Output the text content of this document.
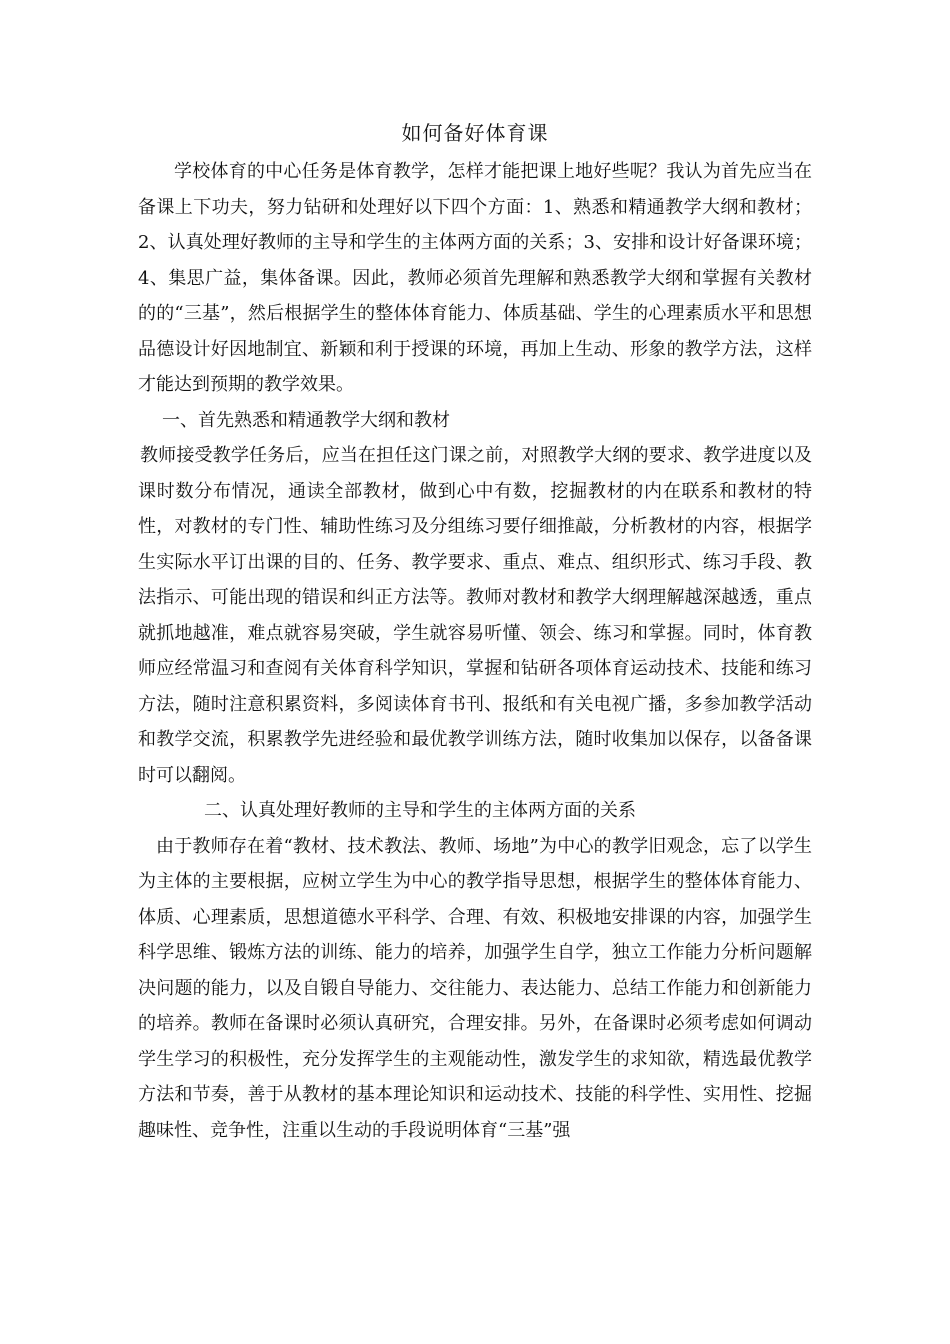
如何备好体育课

学校体育的中心任务是体育教学，怎样才能把课上地好些呢？我认为首先应当在备课上下功夫，努力钻研和处理好以下四个方面：1、熟悉和精通教学大纲和教材；2、认真处理好教师的主导和学生的主体两方面的关系；3、安排和设计好备课环境；4、集思广益，集体备课。因此，教师必须首先理解和熟悉教学大纲和掌握有关教材的的“三基”，然后根据学生的整体体育能力、体质基础、学生的心理素质水平和思想品德设计好因地制宜、新颖和利于授课的环境，再加上生动、形象的教学方法，这样才能达到预期的教学效果。

一、首先熟悉和精通教学大纲和教材

教师接受教学任务后，应当在担任这门课之前，对照教学大纲的要求、教学进度以及课时数分布情况，通读全部教材，做到心中有数，挖掘教材的内在联系和教材的特性，对教材的专门性、辅助性练习及分组练习要仔细推敲，分析教材的内容，根据学生实际水平订出课的目的、任务、教学要求、重点、难点、组织形式、练习手段、教法指示、可能出现的错误和纠正方法等。教师对教材和教学大纲理解越深越透，重点就抓地越准，难点就容易突破，学生就容易听懂、领会、练习和掌握。同时，体育教师应经常温习和查阅有关体育科学知识，掌握和钻研各项体育运动技术、技能和练习方法，随时注意积累资料，多阅读体育书刊、报纸和有关电视广播，多参加教学活动和教学交流，积累教学先进经验和最优教学训练方法，随时收集加以保存，以备备课时可以翻阅。

二、认真处理好教师的主导和学生的主体两方面的关系

由于教师存在着“教材、技术教法、教师、场地”为中心的教学旧观念，忘了以学生为主体的主要根据，应树立学生为中心的教学指导思想，根据学生的整体体育能力、体质、心理素质，思想道德水平科学、合理、有效、积极地安排课的内容，加强学生科学思维、锻炼方法的训练、能力的培养，加强学生自学，独立工作能力分析问题解决问题的能力，以及自锻自导能力、交往能力、表达能力、总结工作能力和创新能力的培养。教师在备课时必须认真研究，合理安排。另外，在备课时必须考虑如何调动学生学习的积极性，充分发挥学生的主观能动性，激发学生的求知欲，精选最优教学方法和节奏，善于从教材的基本理论知识和运动技术、技能的科学性、实用性、挖掘趣味性、竞争性，注重以生动的手段说明体育“三基”强
